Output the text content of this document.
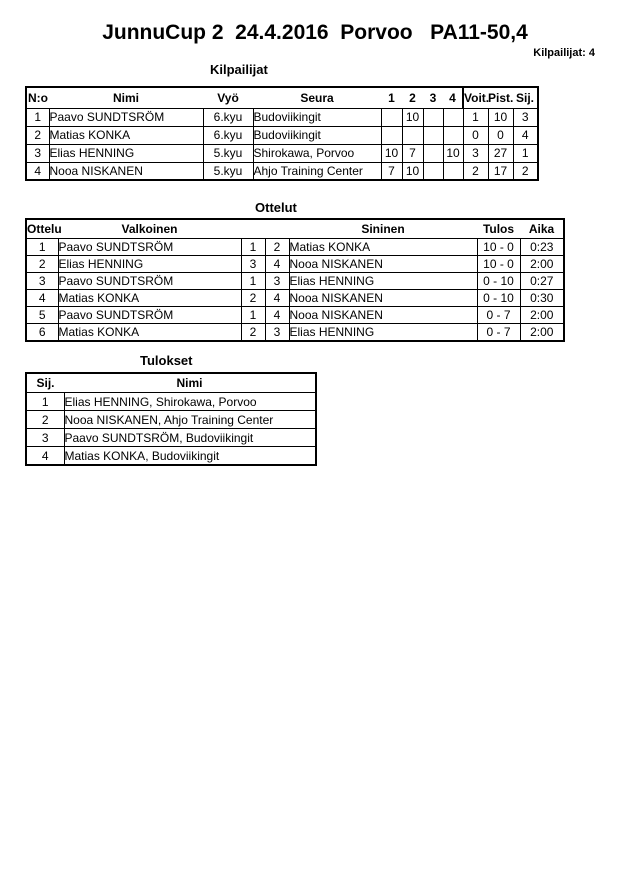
JunnuCup 2  24.4.2016  Porvoo   PA11-50,4
Kilpailijat: 4
Kilpailijat
N:o	Nimi	Vyö	Seura	1	2	3	4	Voit.	Pist.	Sij.
1	Paavo SUNDTSRÖM	6.kyu	Budoviikingit		10			1	10	3
2	Matias KONKA	6.kyu	Budoviikingit					0	0	4
3	Elias HENNING	5.kyu	Shirokawa, Porvoo	10	7		10	3	27	1
4	Nooa NISKANEN	5.kyu	Ahjo Training Center	7	10			2	17	2
Ottelut
Ottelu	Valkoinen			Sininen	Tulos	Aika
1	Paavo SUNDTSRÖM	1	2	Matias KONKA	10 - 0	0:23
2	Elias HENNING	3	4	Nooa NISKANEN	10 - 0	2:00
3	Paavo SUNDTSRÖM	1	3	Elias HENNING	0 - 10	0:27
4	Matias KONKA	2	4	Nooa NISKANEN	0 - 10	0:30
5	Paavo SUNDTSRÖM	1	4	Nooa NISKANEN	0 - 7	2:00
6	Matias KONKA	2	3	Elias HENNING	0 - 7	2:00
Tulokset
Sij.	Nimi
1	Elias HENNING, Shirokawa, Porvoo
2	Nooa NISKANEN, Ahjo Training Center
3	Paavo SUNDTSRÖM, Budoviikingit
4	Matias KONKA, Budoviikingit
